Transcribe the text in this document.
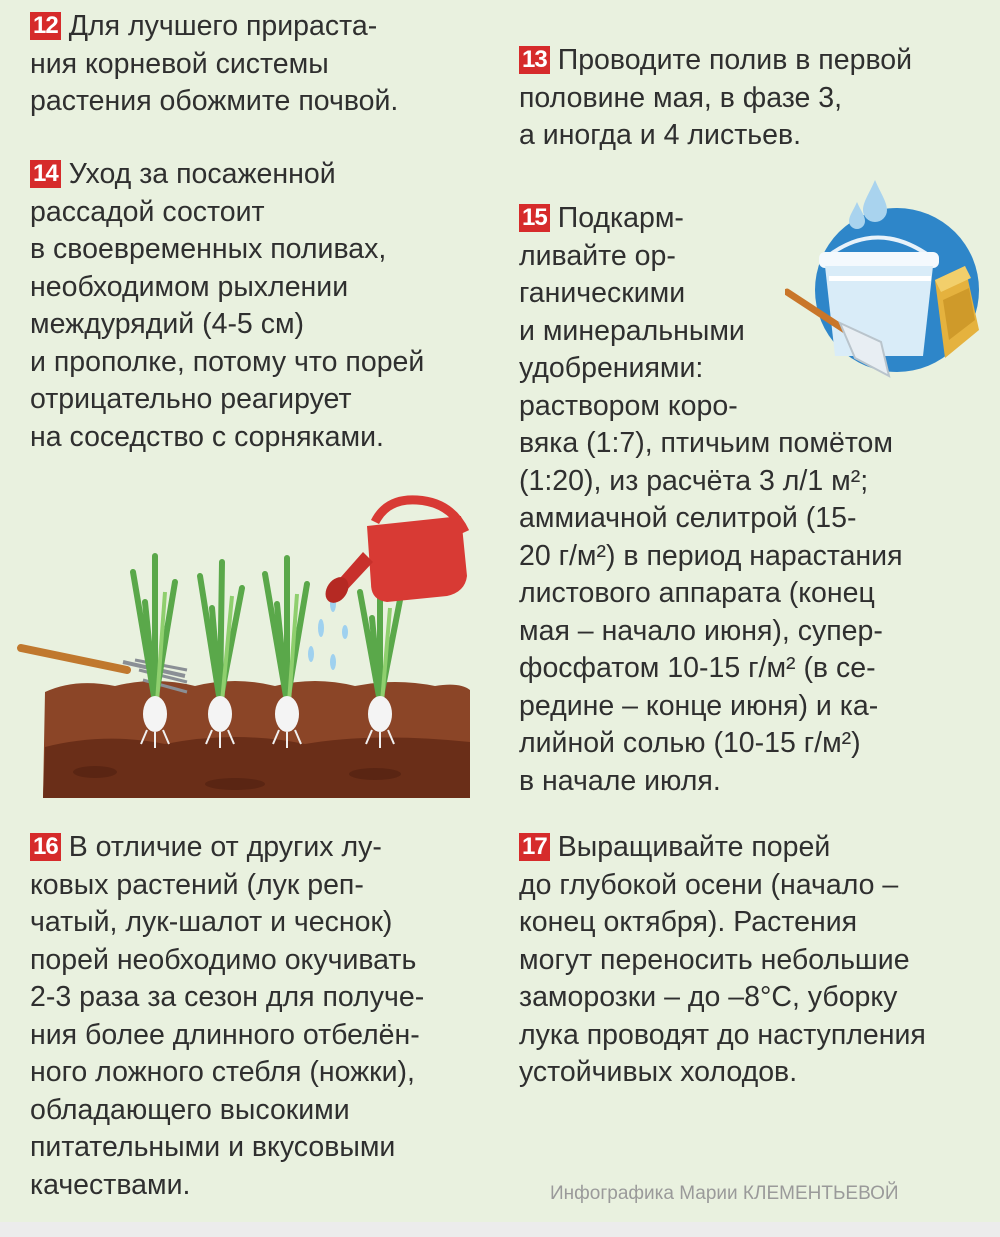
12 Для лучшего прираста-
ния корневой системы
растения обожмите почвой.
13 Проводите полив в первой
половине мая, в фазе 3,
а иногда и 4 листьев.
14 Уход за посаженной
рассадой состоит
в своевременных поливах,
необходимом рыхлении
междурядий (4-5 см)
и прополке, потому что порей
отрицательно реагирует
на соседство с сорняками.
15 Подкарм-
ливайте ор-
ганическими
и минеральными
удобрениями:
раствором коро-
вяка (1:7), птичьим помётом
(1:20), из расчёта 3 л/1 м²;
аммиачной селитрой (15-
20 г/м²) в период нарастания
листового аппарата (конец
мая – начало июня), супер-
фосфатом 10-15 г/м² (в се-
редине – конце июня) и ка-
лийной солью (10-15 г/м²)
в начале июля.
16 В отличие от других лу-
ковых растений (лук реп-
чатый, лук-шалот и чеснок)
порей необходимо окучивать
2-3 раза за сезон для получе-
ния более длинного отбелён-
ного ложного стебля (ножки),
обладающего высокими
питательными и вкусовыми
качествами.
17 Выращивайте порей
до глубокой осени (начало –
конец октября). Растения
могут переносить небольшие
заморозки – до –8°C, уборку
лука проводят до наступления
устойчивых холодов.
Инфографика Марии КЛЕМЕНТЬЕВОЙ
